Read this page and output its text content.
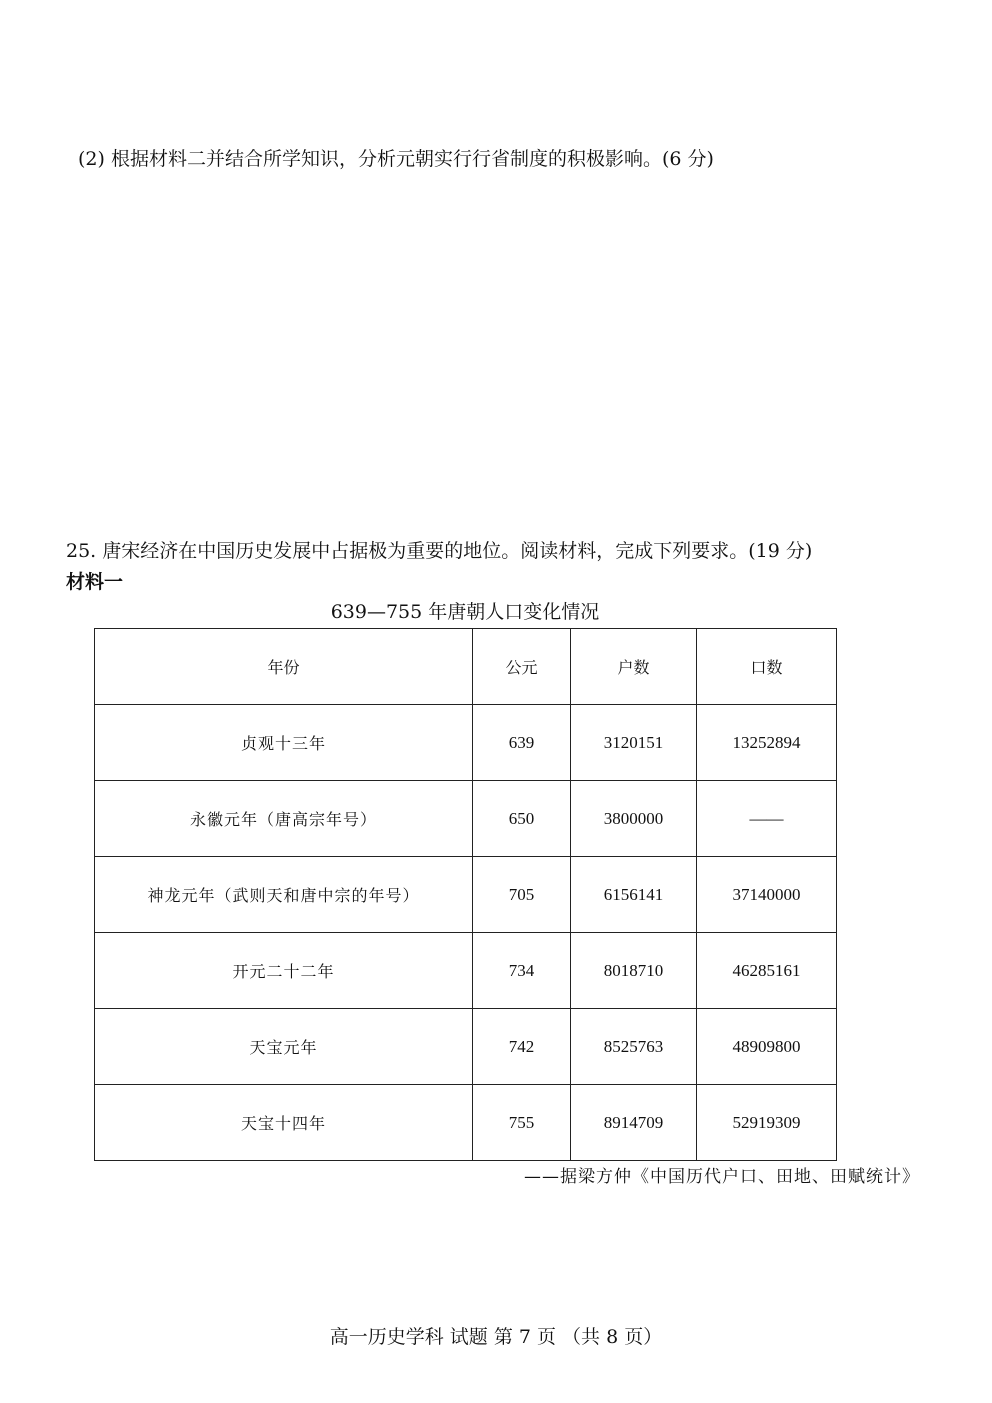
(2) 根据材料二并结合所学知识，分析元朝实行行省制度的积极影响。(6 分)
25. 唐宋经济在中国历史发展中占据极为重要的地位。阅读材料，完成下列要求。(19 分)
材料一
639—755 年唐朝人口变化情况
年份	公元	户数	口数
贞观十三年	639	3120151	13252894
永徽元年（唐高宗年号）	650	3800000	——
神龙元年（武则天和唐中宗的年号）	705	6156141	37140000
开元二十二年	734	8018710	46285161
天宝元年	742	8525763	48909800
天宝十四年	755	8914709	52919309
——据梁方仲《中国历代户口、田地、田赋统计》
高一历史学科 试题 第 7 页 （共 8 页）
